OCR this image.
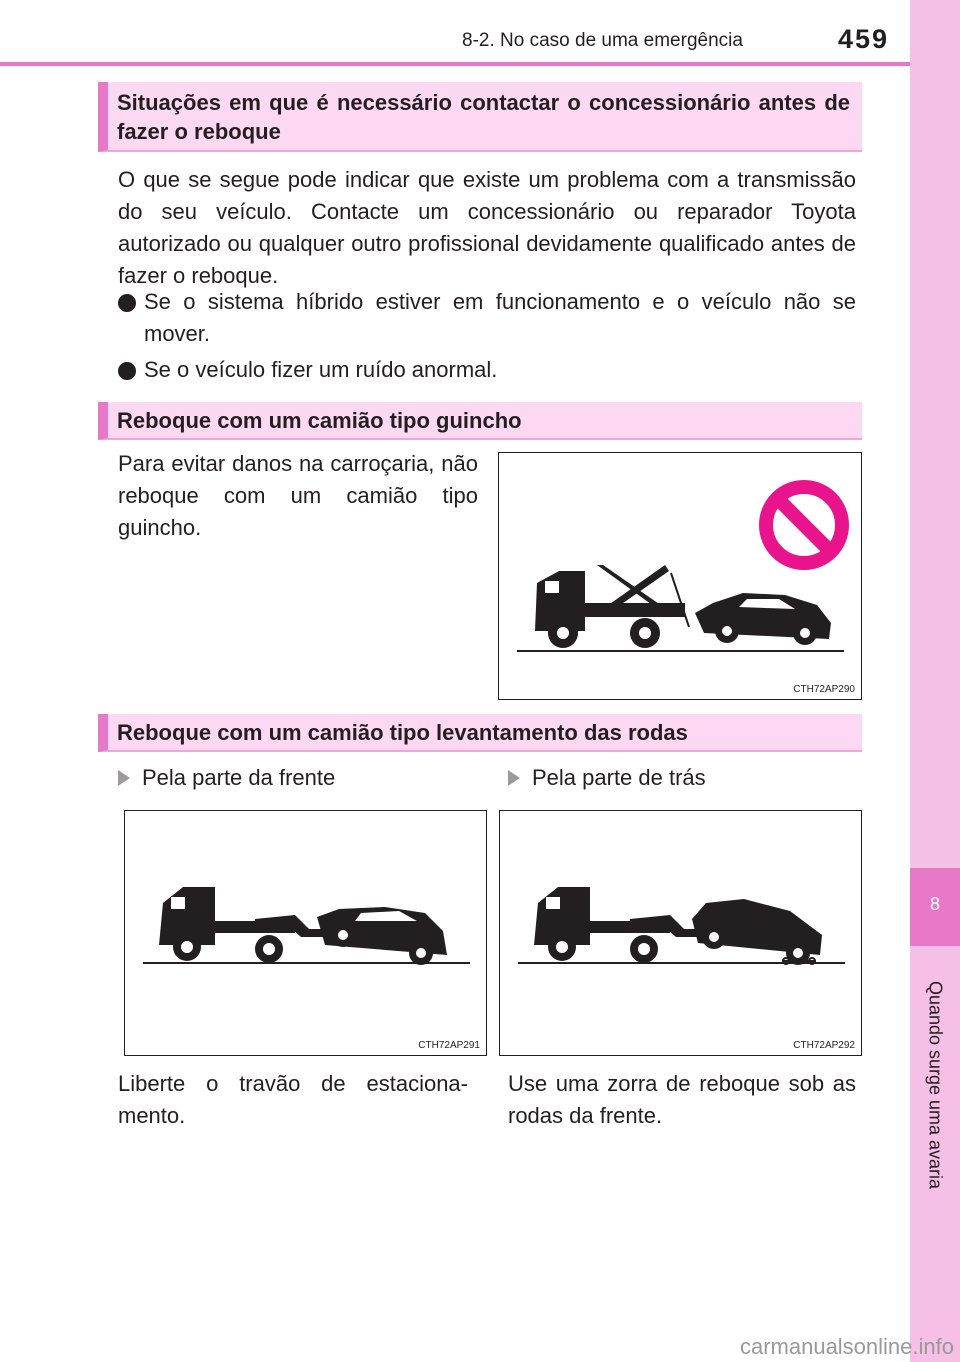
8-2. No caso de uma emergência	459
8
Quando surge uma avaria
Situações em que é necessário contactar o concessionário antes de fazer o reboque
O que se segue pode indicar que existe um problema com a transmissão do seu veículo. Contacte um concessionário ou reparador Toyota autorizado ou qualquer outro profissional devidamente qualificado antes de fazer o reboque.
Se o sistema híbrido estiver em funcionamento e o veículo não se mover.
Se o veículo fizer um ruído anormal.
Reboque com um camião tipo guincho
Para evitar danos na carroçaria, não reboque com um camião tipo guincho.
CTH72AP290
Reboque com um camião tipo levantamento das rodas
Pela parte da frente	Pela parte de trás
CTH72AP291	CTH72AP292
Liberte o travão de estaciona-mento.
Use uma zorra de reboque sob as rodas da frente.
carmanualsonline.info
